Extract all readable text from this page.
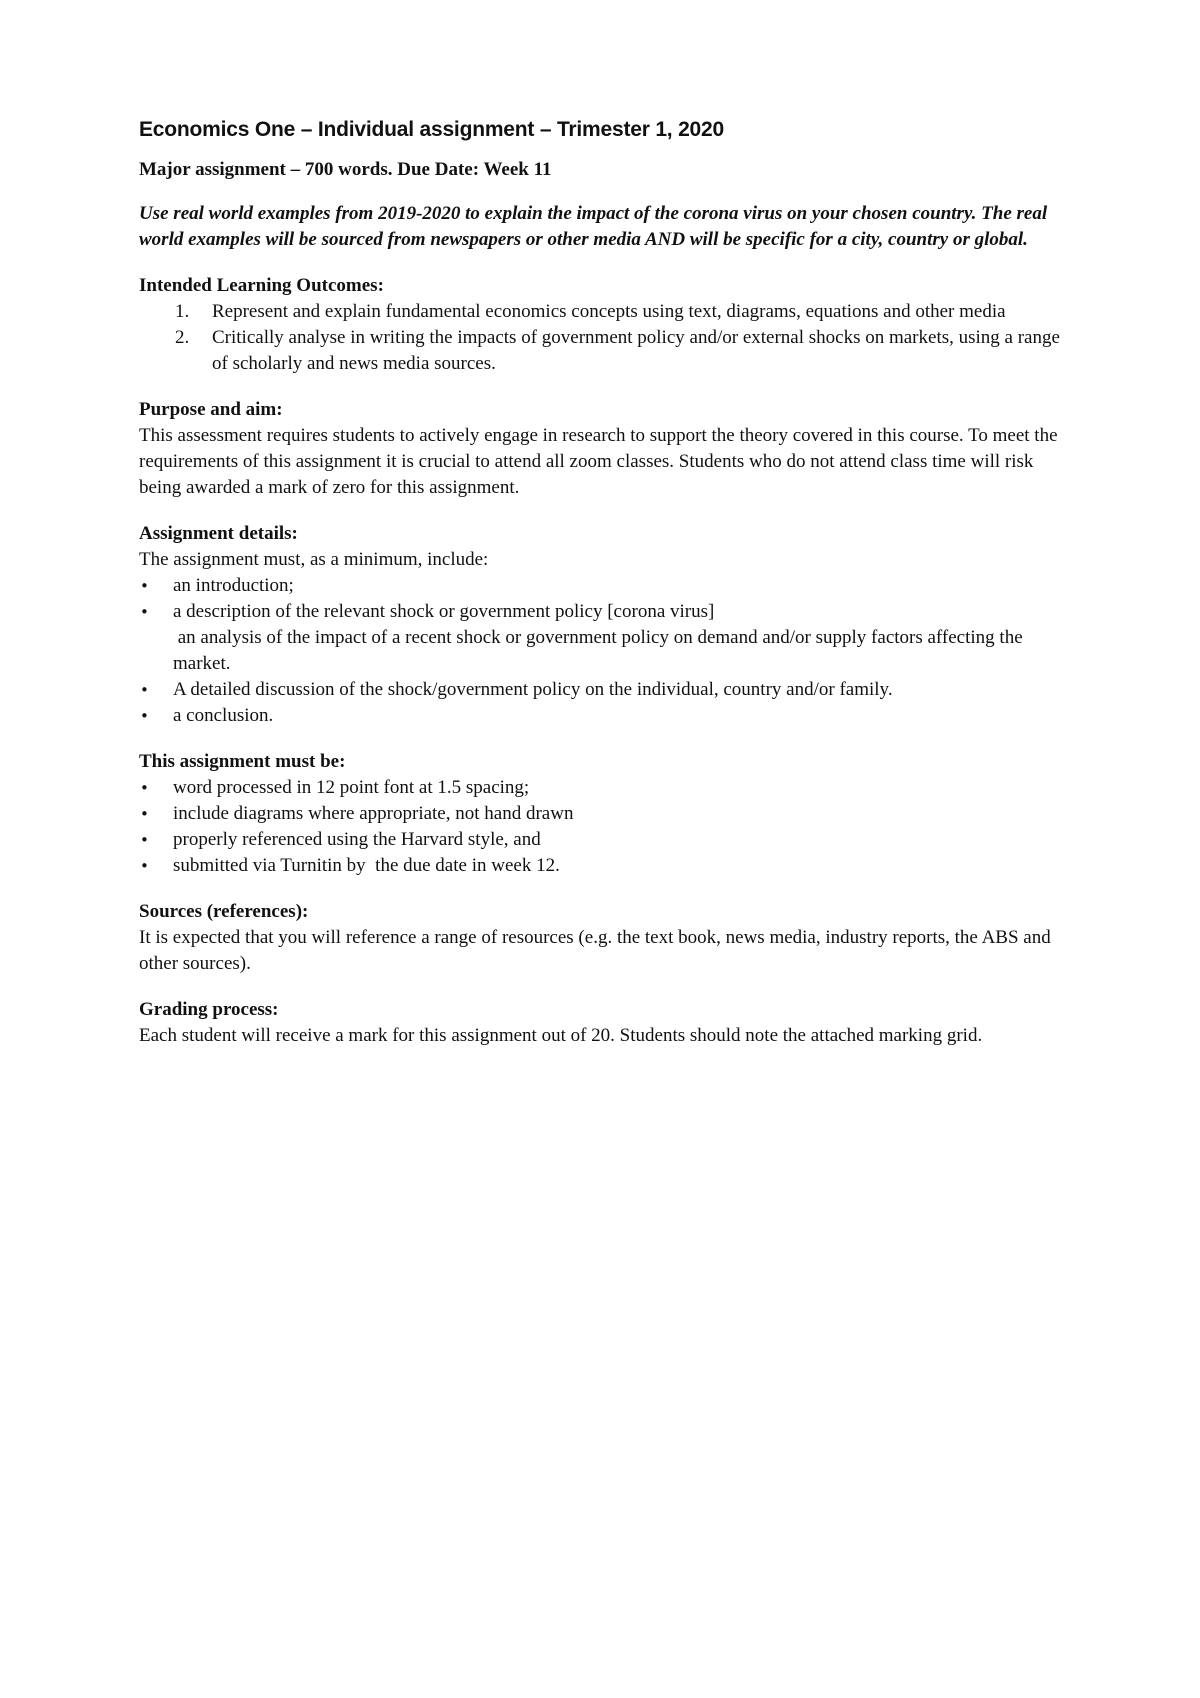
Economics One – Individual assignment – Trimester 1, 2020
Major assignment – 700 words. Due Date: Week 11
Use real world examples from 2019-2020 to explain the impact of the corona virus on your chosen country. The real world examples will be sourced from newspapers or other media AND will be specific for a city, country or global.
Intended Learning Outcomes:
1. Represent and explain fundamental economics concepts using text, diagrams, equations and other media
2. Critically analyse in writing the impacts of government policy and/or external shocks on markets, using a range of scholarly and news media sources.
Purpose and aim:
This assessment requires students to actively engage in research to support the theory covered in this course. To meet the requirements of this assignment it is crucial to attend all zoom classes. Students who do not attend class time will risk being awarded a mark of zero for this assignment.
Assignment details:
The assignment must, as a minimum, include:
• an introduction;
• a description of the relevant shock or government policy [corona virus]
an analysis of the impact of a recent shock or government policy on demand and/or supply factors affecting the market.
• A detailed discussion of the shock/government policy on the individual, country and/or family.
• a conclusion.
This assignment must be:
• word processed in 12 point font at 1.5 spacing;
• include diagrams where appropriate, not hand drawn
• properly referenced using the Harvard style, and
• submitted via Turnitin by  the due date in week 12.
Sources (references):
It is expected that you will reference a range of resources (e.g. the text book, news media, industry reports, the ABS and other sources).
Grading process:
Each student will receive a mark for this assignment out of 20. Students should note the attached marking grid.
